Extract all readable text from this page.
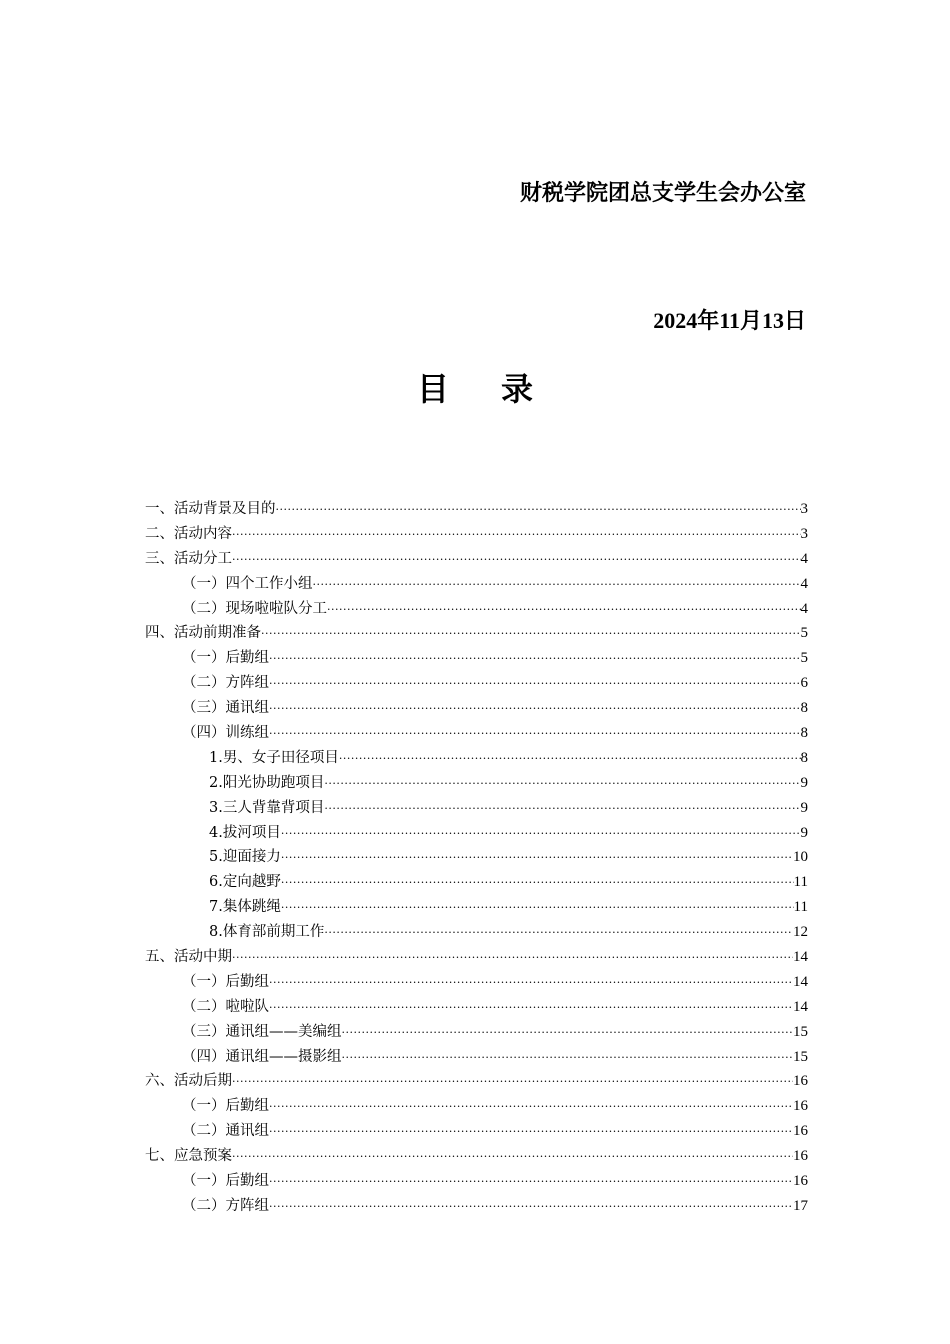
财税学院团总支学生会办公室
2024年11月13日
目录
一、活动背景及目的 ·····	3
二、活动内容 ·····	3
三、活动分工 ·····	4
（一）四个工作小组 ·····	4
（二）现场啦啦队分工 ·····	4
四、活动前期准备 ·····	5
（一）后勤组 ·····	5
（二）方阵组 ·····	6
（三）通讯组 ·····	8
（四）训练组 ·····	8
1.男、女子田径项目 ·····	8
2.阳光协助跑项目 ·····	9
3.三人背靠背项目 ·····	9
4.拔河项目 ·····	9
5.迎面接力 ·····	10
6.定向越野 ·····	11
7.集体跳绳 ·····	11
8.体育部前期工作 ·····	12
五、活动中期 ·····	14
（一）后勤组 ·····	14
（二）啦啦队 ·····	14
（三）通讯组——美编组 ·····	15
（四）通讯组——摄影组 ·····	15
六、活动后期 ·····	16
（一）后勤组 ·····	16
（二）通讯组 ·····	16
七、应急预案 ·····	16
（一）后勤组 ·····	16
（二）方阵组 ·····	17
